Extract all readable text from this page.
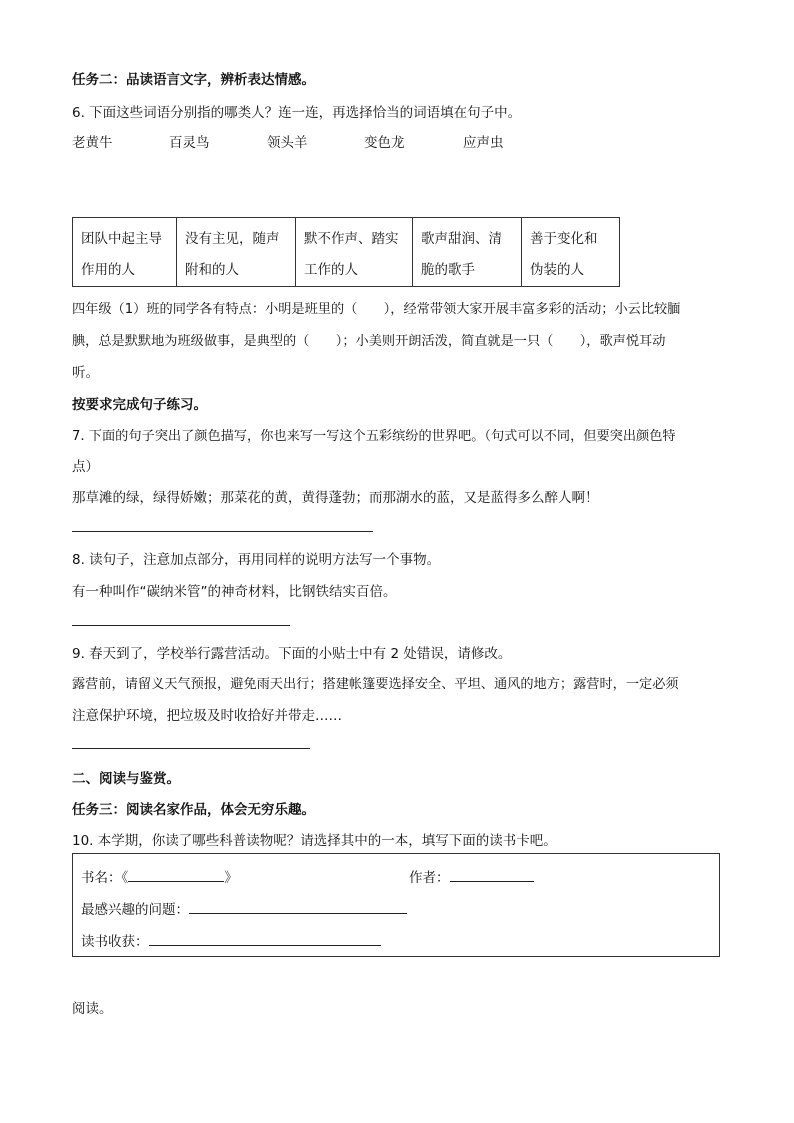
任务二：品读语言文字，辨析表达情感。
6. 下面这些词语分别指的哪类人？连一连，再选择恰当的词语填在句子中。
老黄牛	百灵鸟	领头羊	变色龙	应声虫
团队中起主导
作用的人

没有主见，随声
附和的人

默不作声、踏实
工作的人

歌声甜润、清
脆的歌手

善于变化和
伪装的人
四年级（1）班的同学各有特点：小明是班里的（　　），经常带领大家开展丰富多彩的活动；小云比较腼
腆，总是默默地为班级做事，是典型的（　　）；小美则开朗活泼，简直就是一只（　　），歌声悦耳动
听。
按要求完成句子练习。
7. 下面的句子突出了颜色描写，你也来写一写这个五彩缤纷的世界吧。（句式可以不同，但要突出颜色特
点）
那草滩的绿，绿得娇嫩；那菜花的黄，黄得蓬勃；而那湖水的蓝，又是蓝得多么醉人啊！
8. 读句子，注意加点部分，再用同样的说明方法写一个事物。
有一种叫作“碳纳米管”的神奇材料，比钢铁结实百倍。
9. 春天到了，学校举行露营活动。下面的小贴士中有 2 处错误，请修改。
露营前，请留义天气预报，避免雨天出行；搭建帐篷要选择安全、平坦、通风的地方；露营时，一定必须
注意保护环境，把垃圾及时收拾好并带走……
二、阅读与鉴赏。
任务三：阅读名家作品，体会无穷乐趣。
10. 本学期，你读了哪些科普读物呢？请选择其中的一本，填写下面的读书卡吧。
书名：《	》	作者：
最感兴趣的问题：
读书收获：
阅读。
